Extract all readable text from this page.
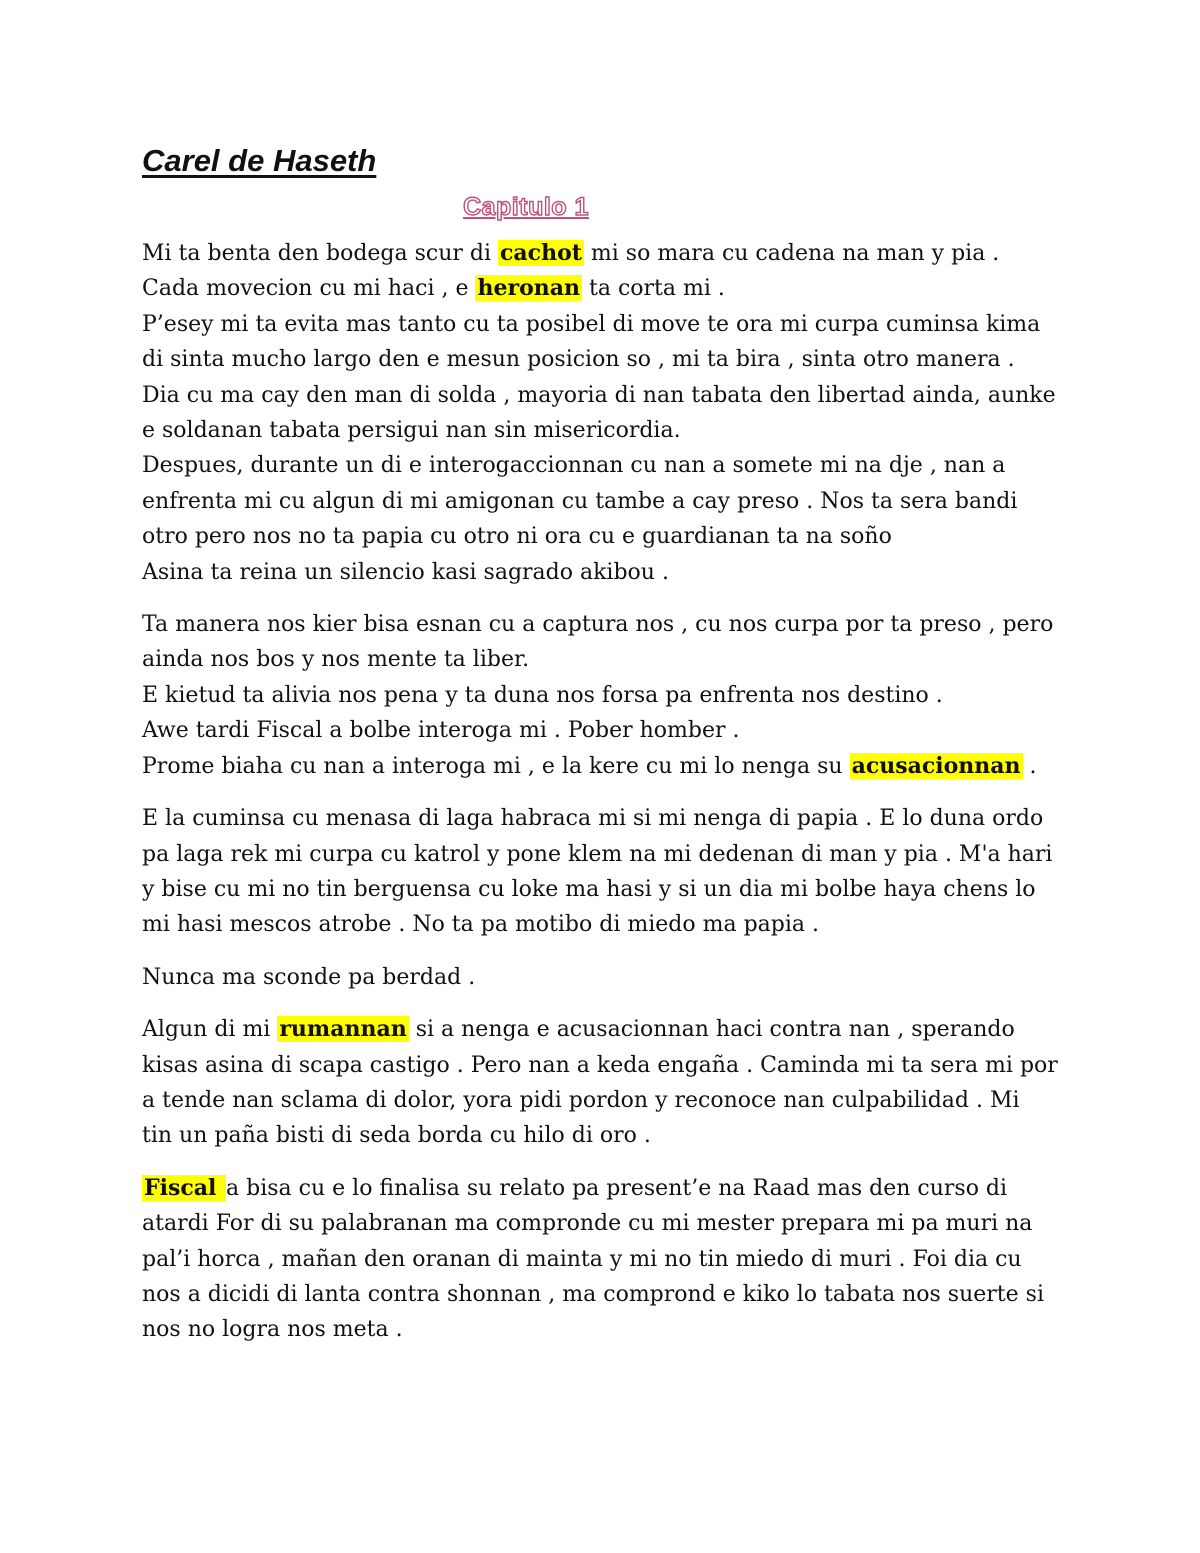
Carel de Haseth
Capitulo 1

Mi ta benta den bodega scur di cachot mi so mara cu cadena na man y pia .
Cada movecion cu mi haci , e heronan ta corta mi .
P’esey mi ta evita mas tanto cu ta posibel di move te ora mi curpa cuminsa kima
di sinta mucho largo den e mesun posicion so , mi ta bira , sinta otro manera .
Dia cu ma cay den man di solda , mayoria di nan tabata den libertad ainda, aunke
e soldanan tabata persigui nan sin misericordia.
Despues, durante un di e interogaccionnan cu nan a somete mi na dje , nan a
enfrenta mi cu algun di mi amigonan cu tambe a cay preso . Nos ta sera bandi
otro pero nos no ta papia cu otro ni ora cu e guardianan ta na soño
Asina ta reina un silencio kasi sagrado akibou .

Ta manera nos kier bisa esnan cu a captura nos , cu nos curpa por ta preso , pero
ainda nos bos y nos mente ta liber.
E kietud ta alivia nos pena y ta duna nos forsa pa enfrenta nos destino .
Awe tardi Fiscal a bolbe interoga mi . Pober homber .
Prome biaha cu nan a interoga mi , e la kere cu mi lo nenga su acusacionnan .

E la cuminsa cu menasa di laga habraca mi si mi nenga di papia . E lo duna ordo
pa laga rek mi curpa cu katrol y pone klem na mi dedenan di man y pia . M'a hari
y bise cu mi no tin berguensa cu loke ma hasi y si un dia mi bolbe haya chens lo
mi hasi mescos atrobe . No ta pa motibo di miedo ma papia .

Nunca ma sconde pa berdad .

Algun di mi rumannan si a nenga e acusacionnan haci contra nan , sperando
kisas asina di scapa castigo . Pero nan a keda engaña . Caminda mi ta sera mi por
a tende nan sclama di dolor, yora pidi pordon y reconoce nan culpabilidad . Mi
tin un paña bisti di seda borda cu hilo di oro .

Fiscal a bisa cu e lo finalisa su relato pa present’e na Raad mas den curso di
atardi For di su palabranan ma compronde cu mi mester prepara mi pa muri na
pal’i horca , mañan den oranan di mainta y mi no tin miedo di muri . Foi dia cu
nos a dicidi di lanta contra shonnan , ma comprond e kiko lo tabata nos suerte si
nos no logra nos meta .
